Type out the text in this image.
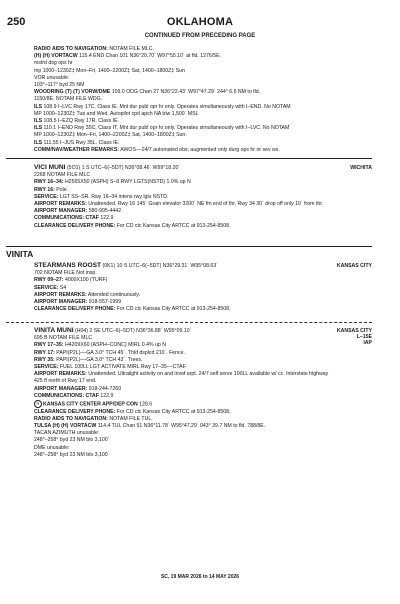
250	OKLAHOMA
CONTINUED FROM PRECEDING PAGE
RADIO AIDS TO NAVIGATION: NOTAM FILE MLC.
(H) (H) VORTACW 115.4 END Chan 101 N36°20.70´ W97°55.10´ at fld. 1276/5E.
mstrd dsg ops hr
mp 1000–1230Z‡ Mon–Fri, 1400–2200Z‡ Sat, 1400–1800Z‡ Sun
VOR unusable:
103°–117° byd 25 NM
WOODRING (T) (T) VORW/DME 109.0 ODG Chan 27 N36°22.43´ W97°47.29´ 244° 6.6 NM to fld.
1150/8E. NOTAM FILE WDG.
ILS 108.9 I–LVC Rwy 17C. Class IE. Mnt dur publ opr hr only. Operates simultaneously with I–END. No NOTAM
MP 1000–1230Z‡ Tue and Wed. Autopilot cpd apch NA blw 1,500´ MSL
ILS 108.5 I–EZQ Rwy 17R. Class IE.
ILS 110.1 I–END Rwy 35C. Class IT. Mnt dur publ opr hr only. Operates simultaneously with I–LVC. No NOTAM
MP 1000–1230Z‡ Mon–Fri, 1400–2200Z‡ Sat, 1400–1800Z‡ Sun.
ILS 111.55 I–JUS Rwy 35L. Class IE.
COMM/NAV/WEATHER REMARKS: AWOS––24/7 automated obs; augmented only durg ops hr or sev wx.
VICI MUNI (5O1) 1 S UTC–6(–5DT) N36°08.46´ W99°18.20´
2268 NOTAM FILE MLC
RWY 16–34: H2565X50 (ASPH) S–8 RWY LGTS(NSTD) 1.0% up N
RWY 16: Pole.
SERVICE: LGT SS–SR. Rwy 16–34 intens rwy lgts NSTD.
AIRPORT REMARKS: Unattended. Rwy 16 145´ Grain elevator 3200´ NE fm end of thr. Rwy 34 30´ drop off only 10´ from thr.
AIRPORT MANAGER: 580-995-4442
COMMUNICATIONS: CTAF 122.9
CLEARANCE DELIVERY PHONE: For CD ctc Kansas City ARTCC at 913-254-8508.
WICHITA
VINITA
STEARMANS ROOST (0K1) 10 S UTC–6(–5DT) N36°29.31´ W95°08.63´
702 NOTAM FILE Not insp.
RWY 09–27: 4000X100 (TURF)
SERVICE: S4
AIRPORT REMARKS: Attended continuously.
AIRPORT MANAGER: 918-557-1999
CLEARANCE DELIVERY PHONE: For CD ctc Kansas City ARTCC at 913-254-8508.
KANSAS CITY
VINITA MUNI (H04) 2 SE UTC–6(–5DT) N36°36.88´ W95°09.10´
695 B NOTAM FILE MLC
RWY 17–35: H4209X60 (ASPH–CONC) MIRL 0.4% up N
RWY 17: PAPI(P2L)––GA 3.0° TCH 45´. Thld dsplcd 210´. Fence.
RWY 35: PAPI(P2L)––GA 3.0° TCH 43´. Trees.
SERVICE: FUEL 100LL LGT ACTIVATE MIRL Rwy 17–35––CTAF.
AIRPORT REMARKS: Unattended. Ultralight activity on and invof arpt. 24/7 self serve 100LL available w/ cc. Interstate highway
425 ft north of Rwy 17 end.
AIRPORT MANAGER: 918-244-7260
COMMUNICATIONS: CTAF 122.9
R KANSAS CITY CENTER APP/DEP CON 128.6
CLEARANCE DELIVERY PHONE: For CD ctc Kansas City ARTCC at 913-254-8508.
RADIO AIDS TO NAVIGATION: NOTAM FILE TUL.
TULSA (H) (H) VORTACW 114.4 TUL Chan 91 N36°11.78´ W95°47.29´ 043° 39.7 NM to fld. 788/8E.
TACAN AZIMUTH unusable:
248°–258° byd 23 NM blo 3,100´
DME unusable:
248°–258° byd 23 NM blo 3,100´
KANSAS CITY
L–15E
IAP
SC, 19 MAR 2026 to 14 MAY 2026
